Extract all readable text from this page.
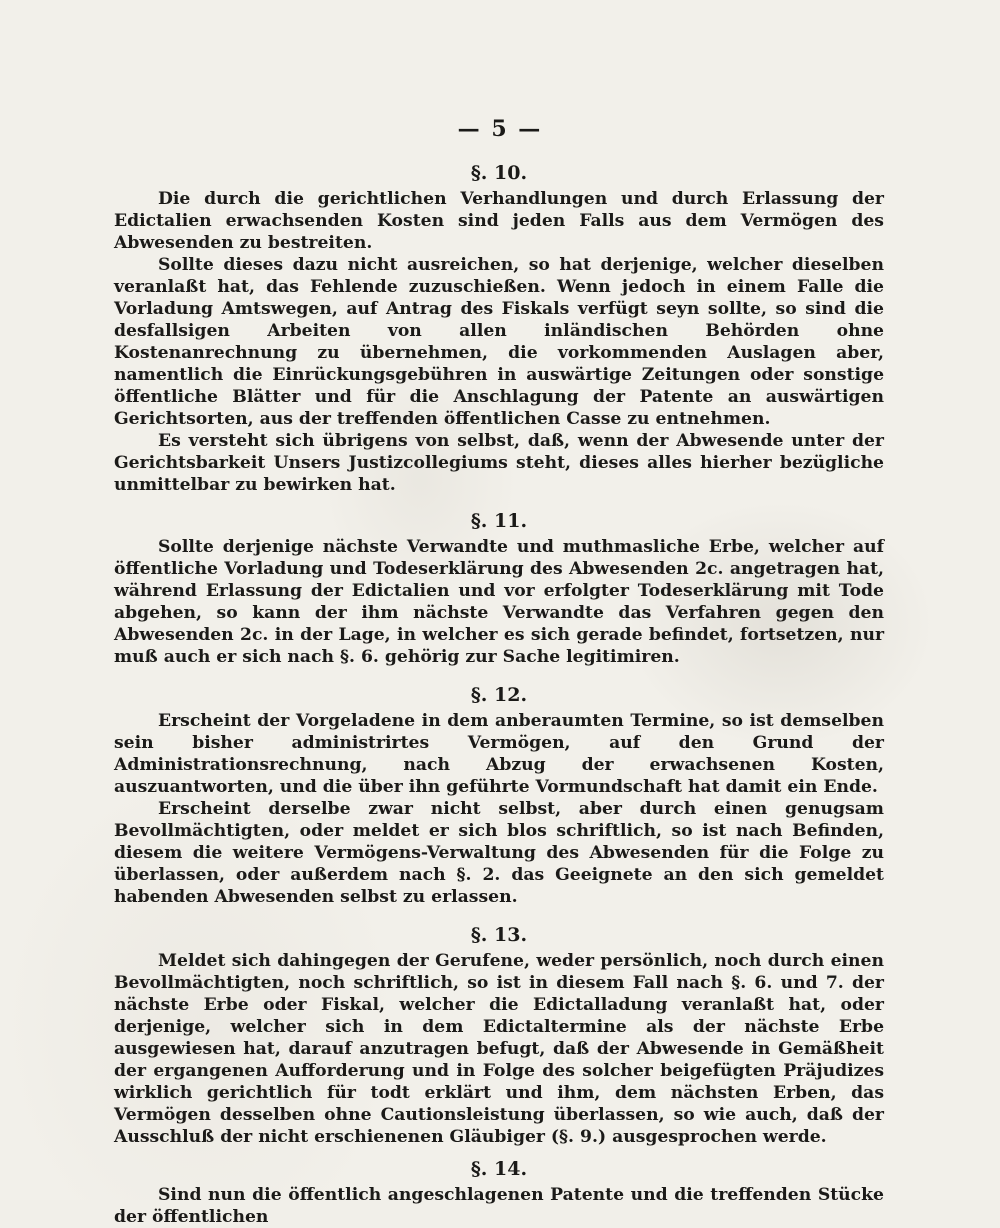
— 5 —

§. 10.

Die durch die gerichtlichen Verhandlungen und durch Erlassung der Edictalien erwachsenden Kosten sind jeden Falls aus dem Vermögen des Abwesenden zu bestreiten.

Sollte dieses dazu nicht ausreichen, so hat derjenige, welcher dieselben veranlaßt hat, das Fehlende zuzuschießen. Wenn jedoch in einem Falle die Vorladung Amtswegen, auf Antrag des Fiskals verfügt seyn sollte, so sind die desfallsigen Arbeiten von allen inländischen Behörden ohne Kostenanrechnung zu übernehmen, die vorkommenden Auslagen aber, namentlich die Einrückungsgebühren in auswärtige Zeitungen oder sonstige öffentliche Blätter und für die Anschlagung der Patente an auswärtigen Gerichtsorten, aus der treffenden öffentlichen Casse zu entnehmen.

Es versteht sich übrigens von selbst, daß, wenn der Abwesende unter der Gerichtsbarkeit Unsers Justizcollegiums steht, dieses alles hierher bezügliche unmittelbar zu bewirken hat.

§. 11.

Sollte derjenige nächste Verwandte und muthmasliche Erbe, welcher auf öffentliche Vorladung und Todeserklärung des Abwesenden 2c. angetragen hat, während Erlassung der Edictalien und vor erfolgter Todeserklärung mit Tode abgehen, so kann der ihm nächste Verwandte das Verfahren gegen den Abwesenden 2c. in der Lage, in welcher es sich gerade befindet, fortsetzen, nur muß auch er sich nach §. 6. gehörig zur Sache legitimiren.

§. 12.

Erscheint der Vorgeladene in dem anberaumten Termine, so ist demselben sein bisher administrirtes Vermögen, auf den Grund der Administrationsrechnung, nach Abzug der erwachsenen Kosten, auszuantworten, und die über ihn geführte Vormundschaft hat damit ein Ende.

Erscheint derselbe zwar nicht selbst, aber durch einen genugsam Bevollmächtigten, oder meldet er sich blos schriftlich, so ist nach Befinden, diesem die weitere Vermögens-Verwaltung des Abwesenden für die Folge zu überlassen, oder außerdem nach §. 2. das Geeignete an den sich gemeldet habenden Abwesenden selbst zu erlassen.

§. 13.

Meldet sich dahingegen der Gerufene, weder persönlich, noch durch einen Bevollmächtigten, noch schriftlich, so ist in diesem Fall nach §. 6. und 7. der nächste Erbe oder Fiskal, welcher die Edictalladung veranlaßt hat, oder derjenige, welcher sich in dem Edictaltermine als der nächste Erbe ausgewiesen hat, darauf anzutragen befugt, daß der Abwesende in Gemäßheit der ergangenen Aufforderung und in Folge des solcher beigefügten Präjudizes wirklich gerichtlich für todt erklärt und ihm, dem nächsten Erben, das Vermögen desselben ohne Cautionsleistung überlassen, so wie auch, daß der Ausschluß der nicht erschienenen Gläubiger (§. 9.) ausgesprochen werde.

§. 14.

Sind nun die öffentlich angeschlagenen Patente und die treffenden Stücke der öffentlichen
